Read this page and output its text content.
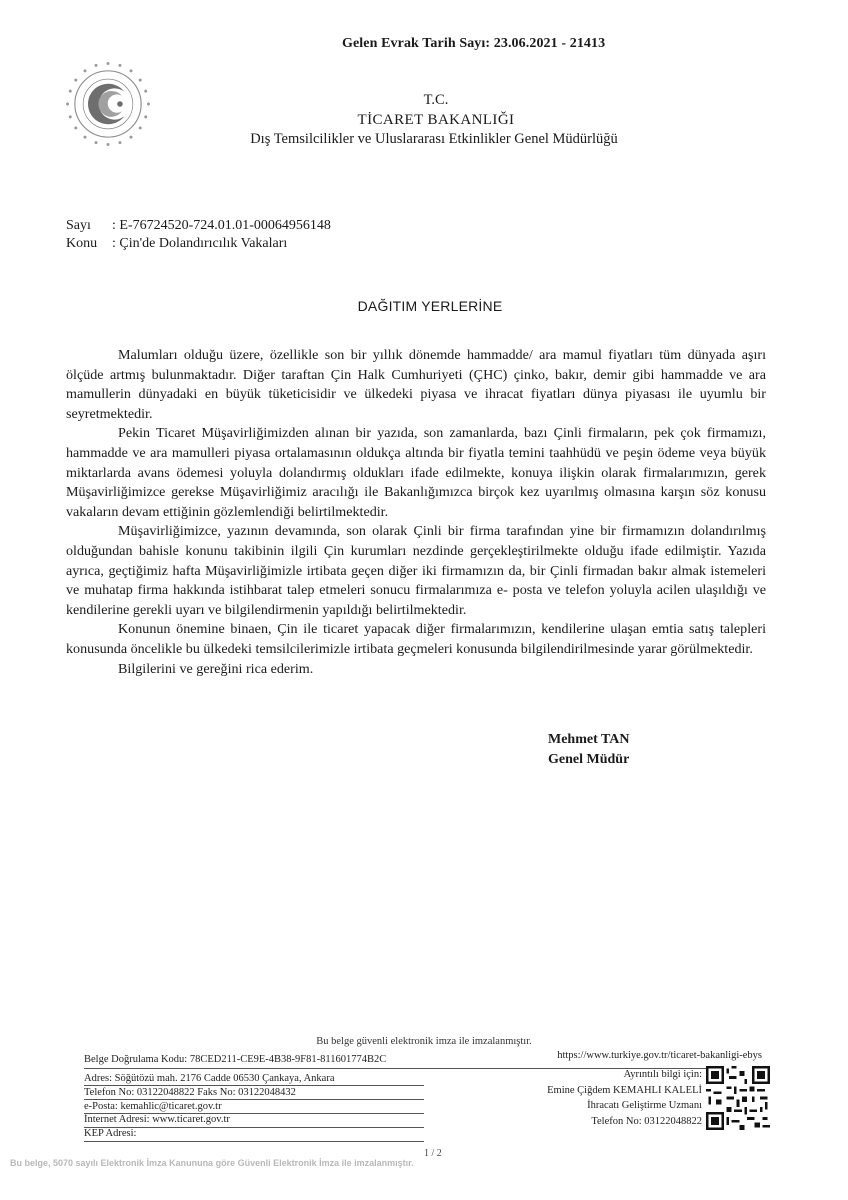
Gelen Evrak Tarih Sayı: 23.06.2021 - 21413
T.C.
TİCARET BAKANLIĞI
Dış Temsilcilikler ve Uluslararası Etkinlikler Genel Müdürlüğü
Sayı : E-76724520-724.01.01-00064956148
Konu : Çin'de Dolandırıcılık Vakaları
DAĞITIM YERLERİNE

Malumları olduğu üzere, özellikle son bir yıllık dönemde hammadde/ ara mamul fiyatları tüm dünyada aşırı ölçüde artmış bulunmaktadır. Diğer taraftan Çin Halk Cumhuriyeti (ÇHC) çinko, bakır, demir gibi hammadde ve ara mamullerin dünyadaki en büyük tüketicisidir ve ülkedeki piyasa ve ihracat fiyatları dünya piyasası ile uyumlu bir seyretmektedir.

Pekin Ticaret Müşavirliğimizden alınan bir yazıda, son zamanlarda, bazı Çinli firmaların, pek çok firmamızı, hammadde ve ara mamulleri piyasa ortalamasının oldukça altında bir fiyatla temini taahhüdü ve peşin ödeme veya büyük miktarlarda avans ödemesi yoluyla dolandırmış oldukları ifade edilmekte, konuya ilişkin olarak firmalarımızın, gerek Müşavirliğimizce gerekse Müşavirliğimiz aracılığı ile Bakanlığımızca birçok kez uyarılmış olmasına karşın söz konusu vakaların devam ettiğinin gözlemlendiği belirtilmektedir.

Müşavirliğimizce, yazının devamında, son olarak Çinli bir firma tarafından yine bir firmamızın dolandırılmış olduğundan bahisle konunu takibinin ilgili Çin kurumları nezdinde gerçekleştirilmekte olduğu ifade edilmiştir. Yazıda ayrıca, geçtiğimiz hafta Müşavirliğimizle irtibata geçen diğer iki firmamızın da, bir Çinli firmadan bakır almak istemeleri ve muhatap firma hakkında istihbarat talep etmeleri sonucu firmalarımıza e- posta ve telefon yoluyla acilen ulaşıldığı ve kendilerine gerekli uyarı ve bilgilendirmenin yapıldığı belirtilmektedir.

Konunun önemine binaen, Çin ile ticaret yapacak diğer firmalarımızın, kendilerine ulaşan emtia satış talepleri konusunda öncelikle bu ülkedeki temsilcilerimizle irtibata geçmeleri konusunda bilgilendirilmesinde yarar görülmektedir.

Bilgilerini ve gereğini rica ederim.

Mehmet TAN
Genel Müdür
Bu belge güvenli elektronik imza ile imzalanmıştır.
Belge Doğrulama Kodu: 78CED211-CE9E-4B38-9F81-811601774B2C	https://www.turkiye.gov.tr/ticaret-bakanligi-ebys
Adres: Söğütözü mah. 2176 Cadde 06530 Çankaya, Ankara
Telefon No: 03122048822 Faks No: 03122048432
e-Posta: kemahlic@ticaret.gov.tr
İnternet Adresi: www.ticaret.gov.tr
KEP Adresi:
Ayrıntılı bilgi için:
Emine Çiğdem KEMAHLI KALELİ
İhracatı Geliştirme Uzmanı
Telefon No: 03122048822
1 / 2
Bu belge, 5070 sayılı Elektronik İmza Kanununa göre Güvenli Elektronik İmza ile imzalanmıştır.
